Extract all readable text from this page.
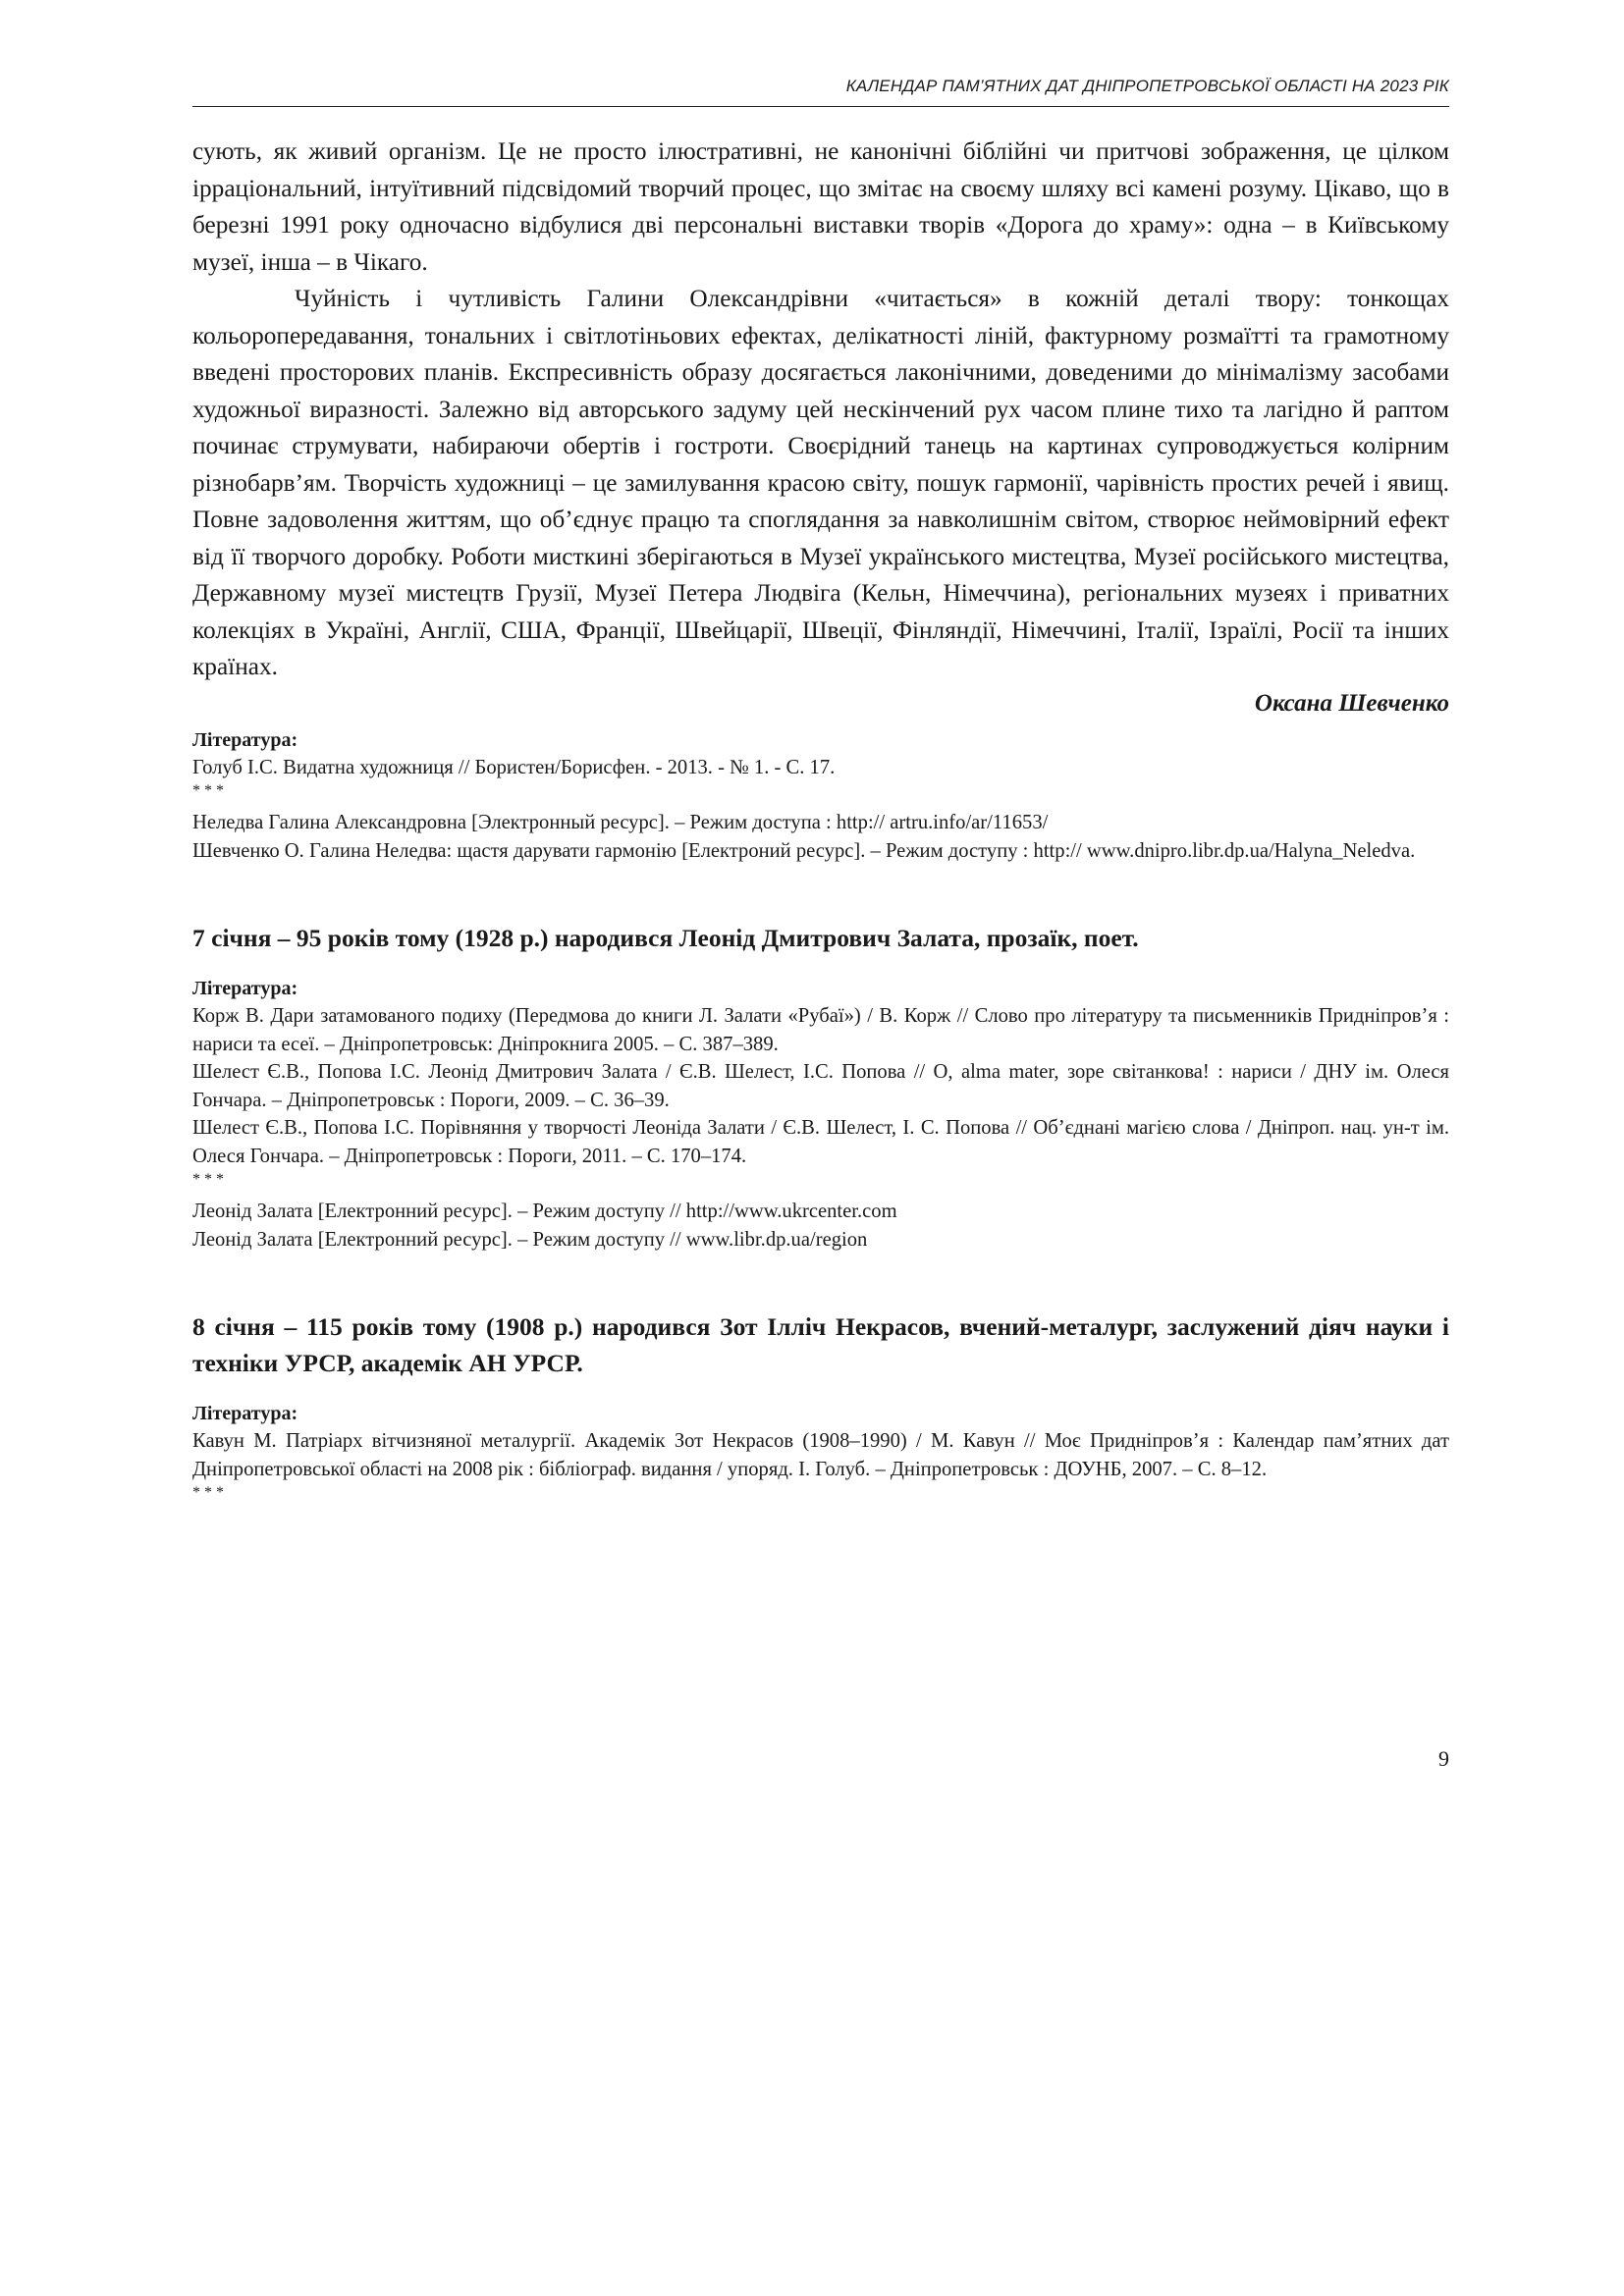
КАЛЕНДАР ПАМ’ЯТНИХ ДАТ ДНІПРОПЕТРОВСЬКОЇ ОБЛАСТІ НА 2023 РІК

сують, як живий організм. Це не просто ілюстративні, не канонічні біблійні чи притчові зображення, це цілком ірраціональний, інтуїтивний підсвідомий творчий процес, що змітає на своєму шляху всі камені розуму. Цікаво, що в березні 1991 року одночасно відбулися дві персональні виставки творів «Дорога до храму»: одна – в Київському музеї, інша – в Чікаго.

Чуйність і чутливість Галини Олександрівни «читається» в кожній деталі твору: тонкощах кольоропередавання, тональних і світлотіньових ефектах, делікатності ліній, фактурному розмаїтті та грамотному введені просторових планів. Експресивність образу досягається лаконічними, доведеними до мінімалізму засобами художньої виразності. Залежно від авторського задуму цей нескінчений рух часом плине тихо та лагідно й раптом починає струмувати, набираючи обертів і гостроти. Своєрідний танець на картинах супроводжується колірним різнобарв’ям. Творчість художниці – це замилування красою світу, пошук гармонії, чарівність простих речей і явищ. Повне задоволення життям, що об’єднує працю та споглядання за навколишнім світом, створює неймовірний ефект від її творчого доробку. Роботи мисткині зберігаються в Музеї українського мистецтва, Музеї російського мистецтва, Державному музеї мистецтв Грузії, Музеї Петера Людвіга (Кельн, Німеччина), регіональних музеях і приватних колекціях в Україні, Англії, США, Франції, Швейцарії, Швеції, Фінляндії, Німеччині, Італії, Ізраїлі, Росії та інших країнах.

Оксана Шевченко

Література:

Голуб І.С. Видатна художниця // Бористен/Борисфен. - 2013. - № 1. - С. 17.

* * *

Неледва Галина Александровна [Электронный ресурс]. – Режим доступа : http:// artru.info/ar/11653/

Шевченко О. Галина Неледва: щастя дарувати гармонію [Електроний ресурс]. – Режим доступу : http:// www.dnipro.libr.dp.ua/Halyna_Neledva.

7 січня – 95 років тому (1928 р.) народився Леонід Дмитрович Залата, прозаїк, поет.

Література:

Корж В. Дари затамованого подиху (Передмова до книги Л. Залати «Рубаї») / В. Корж // Слово про літературу та письменників Придніпров’я : нариси та есеї. – Дніпропетровськ: Дніпрокнига 2005. – С. 387–389.

Шелест Є.В., Попова І.С. Леонід Дмитрович Залата / Є.В. Шелест, І.С. Попова // О, alma mater, зоре світанкова! : нариси / ДНУ ім. Олеся Гончара. – Дніпропетровськ : Пороги, 2009. – С. 36–39.

Шелест Є.В., Попова І.С. Порівняння у творчості Леоніда Залати / Є.В. Шелест, І. С. Попова // Об’єднані магією слова / Дніпроп. нац. ун-т ім. Олеся Гончара. – Дніпропетровськ : Пороги, 2011. – С. 170–174.

* * *

Леонід Залата [Електронний ресурс]. – Режим доступу // http://www.ukrcenter.com

Леонід Залата [Електронний ресурс]. – Режим доступу // www.libr.dp.ua/region

8 січня – 115 років тому (1908 р.) народився Зот Ілліч Некрасов, вчений-металург, заслужений діяч науки і техніки УРСР, академік АН УРСР.

Література:

Кавун М. Патріарх вітчизняної металургії. Академік Зот Некрасов (1908–1990) / М. Кавун // Моє Придніпров’я : Календар пам’ятних дат Дніпропетровської області на 2008 рік : бібліограф. видання / упоряд. І. Голуб. – Дніпропетровськ : ДОУНБ, 2007. – С. 8–12.

* * *

9
